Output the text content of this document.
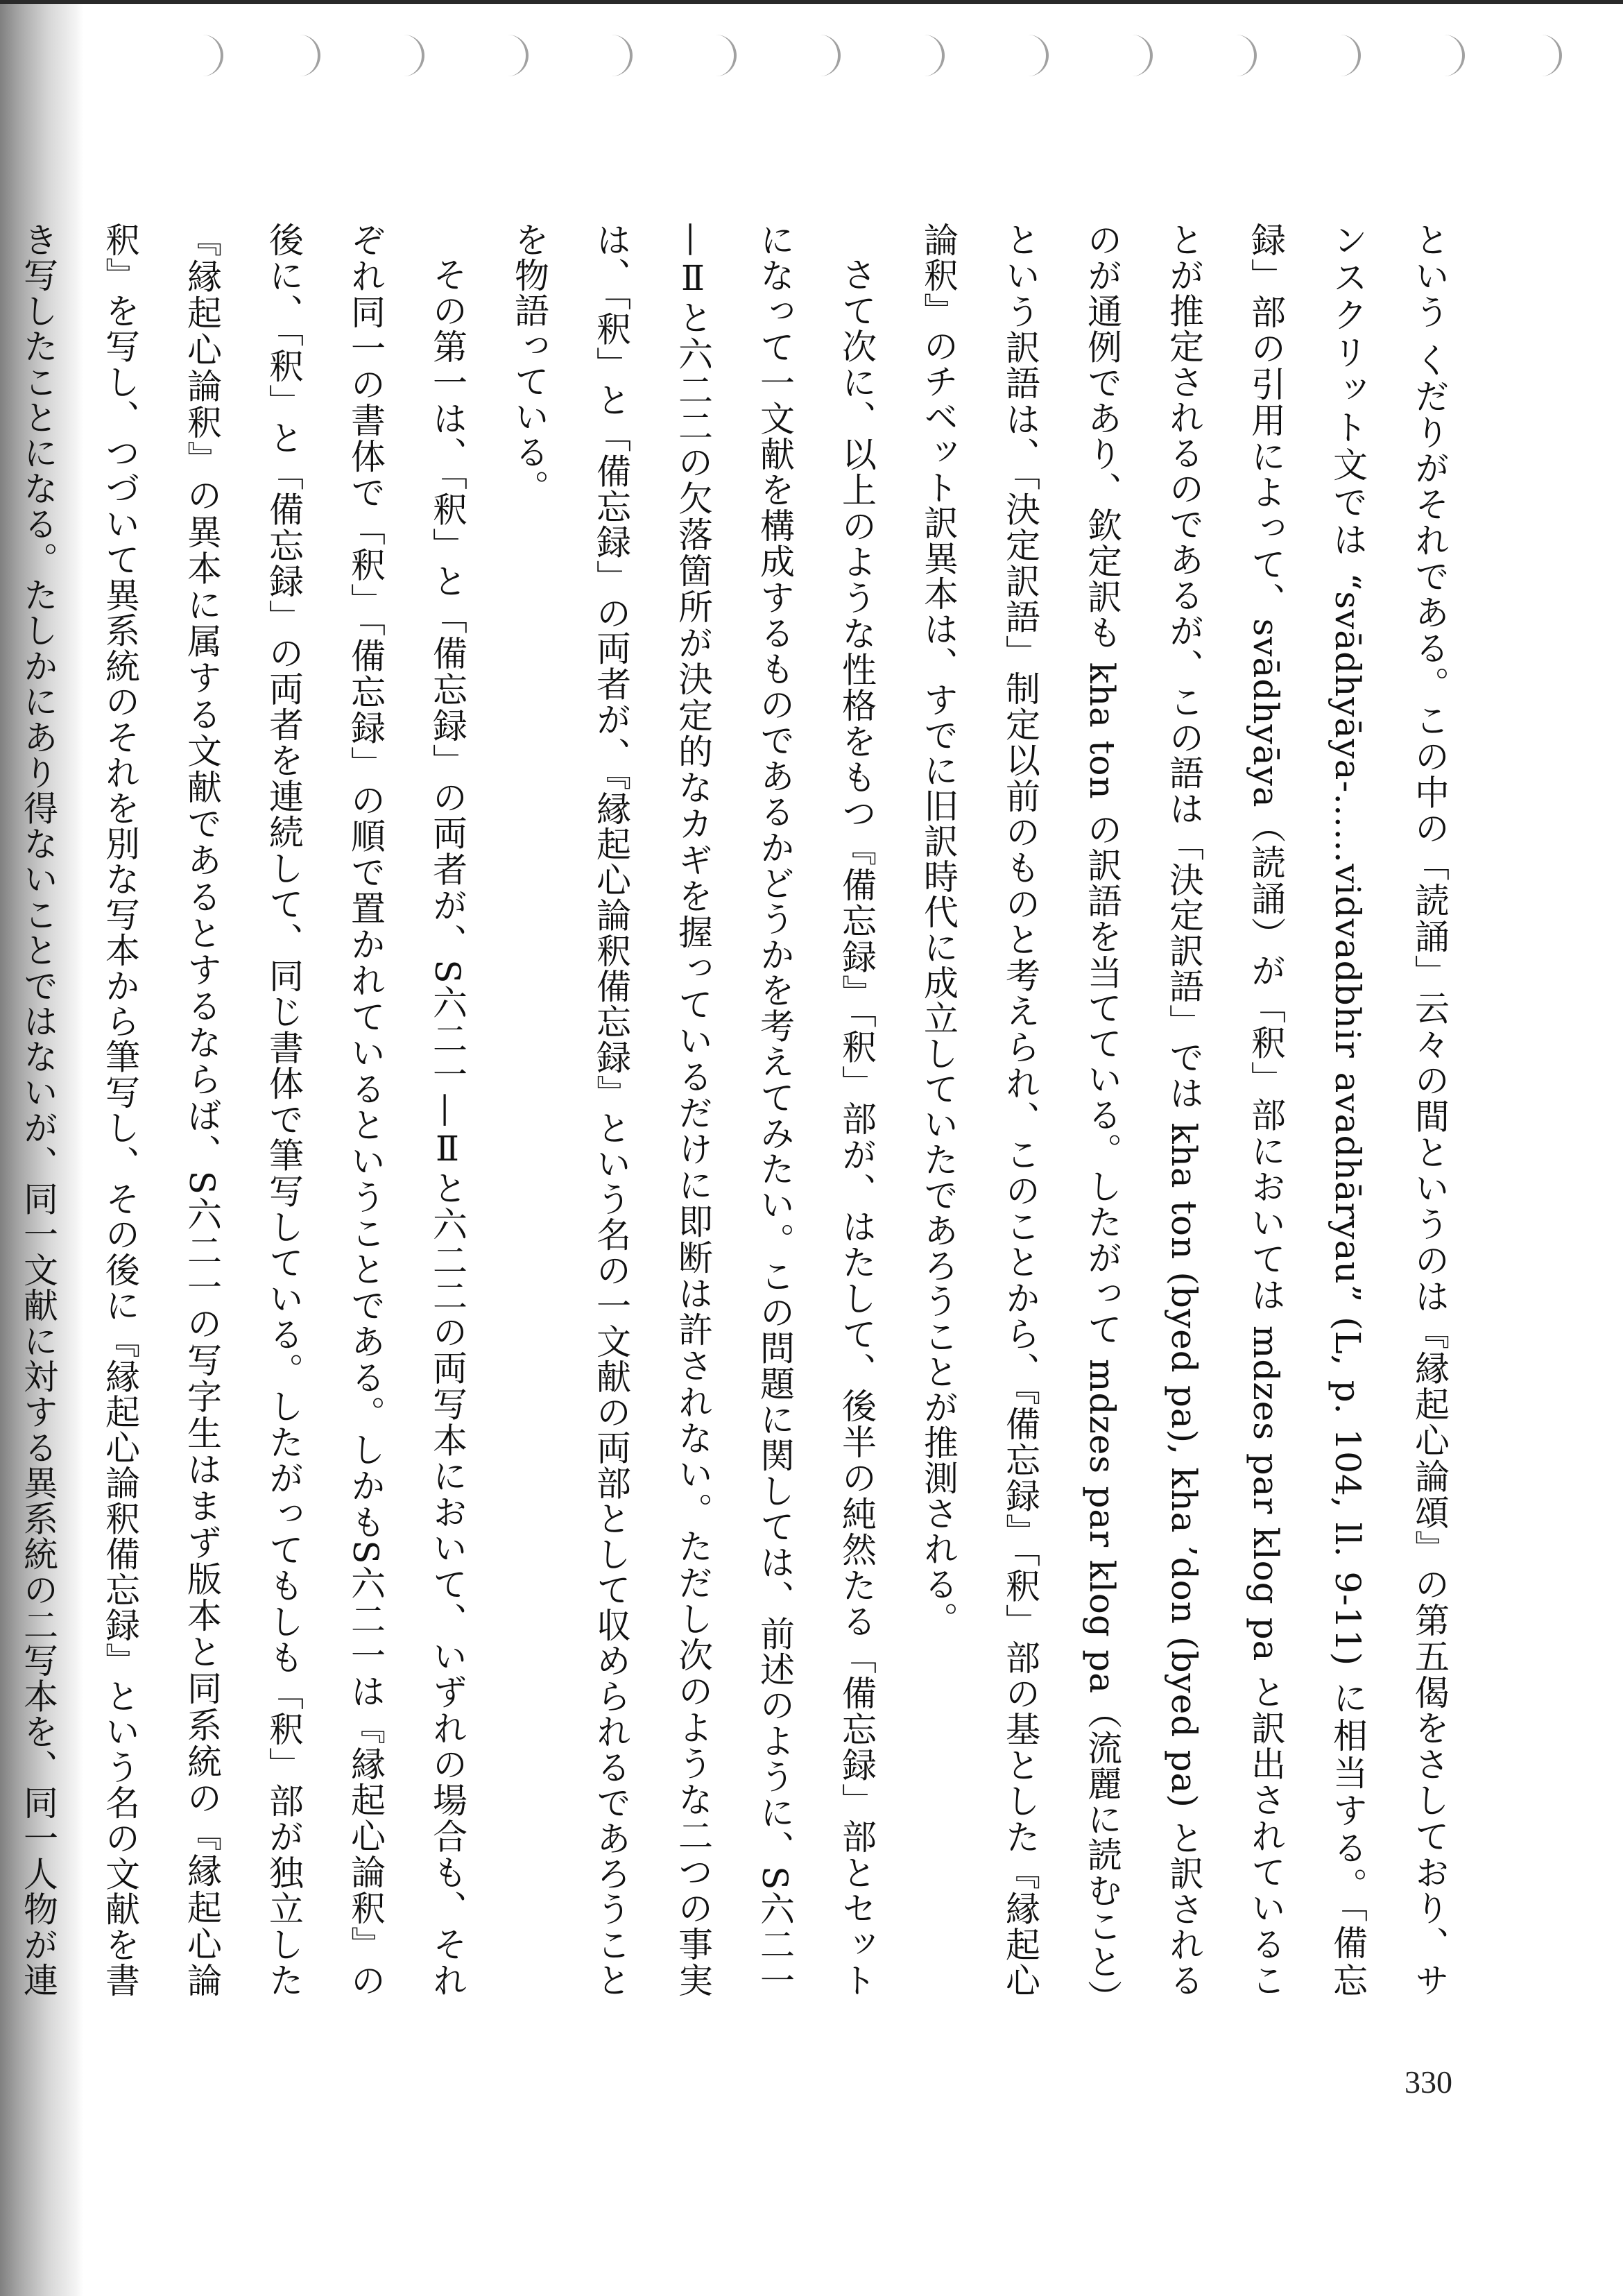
という くだりがそれである。この中の「読誦」云々の間というのは『縁起心論頌』の第五偈をさしており、サンスクリット文では “svādhyāya-……vidvadbhir avadhāryau” (L, p. 104, ll. 9-11) に相当する。「備忘録」部の引用によって、svādhyāya（読誦）が「釈」部においては mdzes par klog pa と訳出されていることが推定されるのであるが、この語は「決定訳語」では kha ton (byed pa), kha ’don (byed pa) と訳されるのが通例であり、欽定訳も kha ton の訳語を当てている。したがって mdzes par klog pa（流麗に読むこと）という訳語は、「決定訳語」制定以前のものと考えられ、このことから、『備忘録』「釈」部の基とした『縁起心論釈』のチベット訳異本は、すでに旧訳時代に成立していたであろうことが推測される。

さて次に、以上のような性格をもつ『備忘録』「釈」部が、はたして、後半の純然たる「備忘録」部とセットになって一文献を構成するものであるかどうかを考えてみたい。この問題に関しては、前述のように、S六二一—Ⅱと六二二の欠落箇所が決定的なカギを握っているだけに即断は許されない。ただし次のような二つの事実は、「釈」と「備忘録」の両者が、『縁起心論釈備忘録』という名の一文献の両部として収められるであろうことを物語っている。

その第一は、「釈」と「備忘録」の両者が、S六二一—Ⅱと六二二の両写本において、いずれの場合も、それぞれ同一の書体で「釈」「備忘録」の順で置かれているということである。しかもS六二一は『縁起心論釈』の後に、「釈」と「備忘録」の両者を連続して、同じ書体で筆写している。したがってもしも「釈」部が独立した『縁起心論釈』の異本に属する文献であるとするならば、S六二一の写字生はまず版本と同系統の『縁起心論釈』を写し、つづいて異系統のそれを別な写本から筆写し、その後に『縁起心論釈備忘録』という名の文献を書き写したことになる。たしかにあり得ないことではないが、同一文献に対する異系統の二写本を、同一人物が連

330
